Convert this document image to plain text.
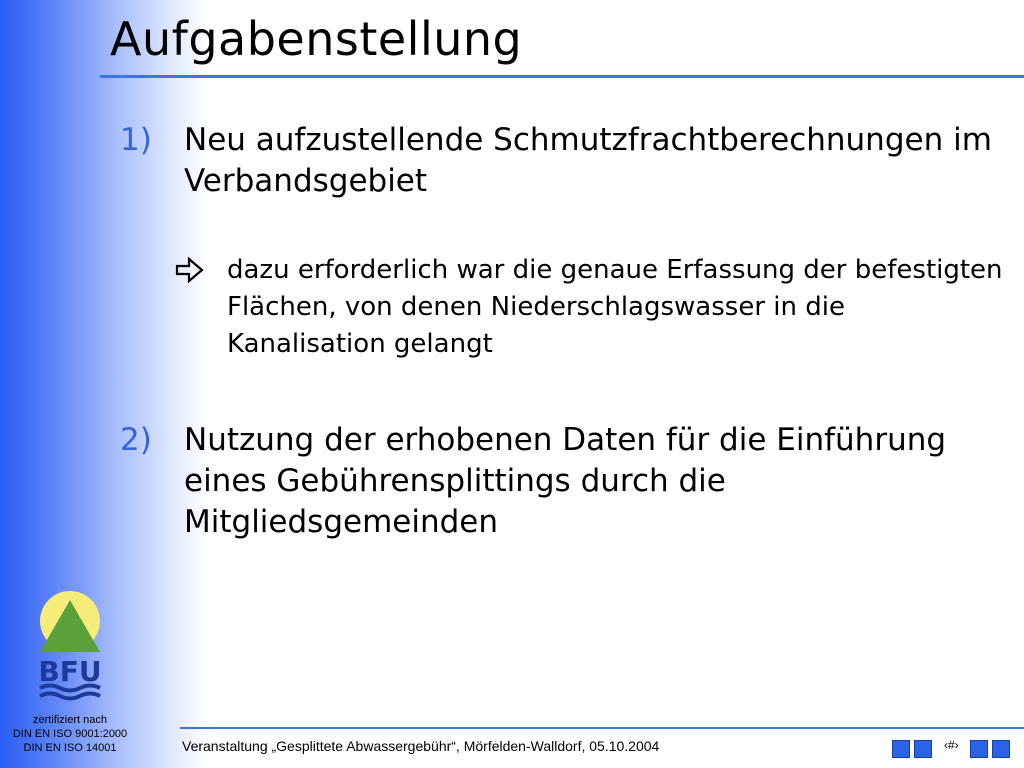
Aufgabenstellung
1)	Neu aufzustellende Schmutzfrachtberechnungen im Verbandsgebiet
dazu erforderlich war die genaue Erfassung der befestigten Flächen, von denen Niederschlagswasser in die Kanalisation gelangt
2)	Nutzung der erhobenen Daten für die Einführung eines Gebührensplittings durch die Mitgliedsgemeinden
BFU
zertifiziert nach
DIN EN ISO 9001:2000
DIN EN ISO 14001	Veranstaltung „Gesplittete Abwassergebühr“, Mörfelden-Walldorf, 05.10.2004	‹#›
